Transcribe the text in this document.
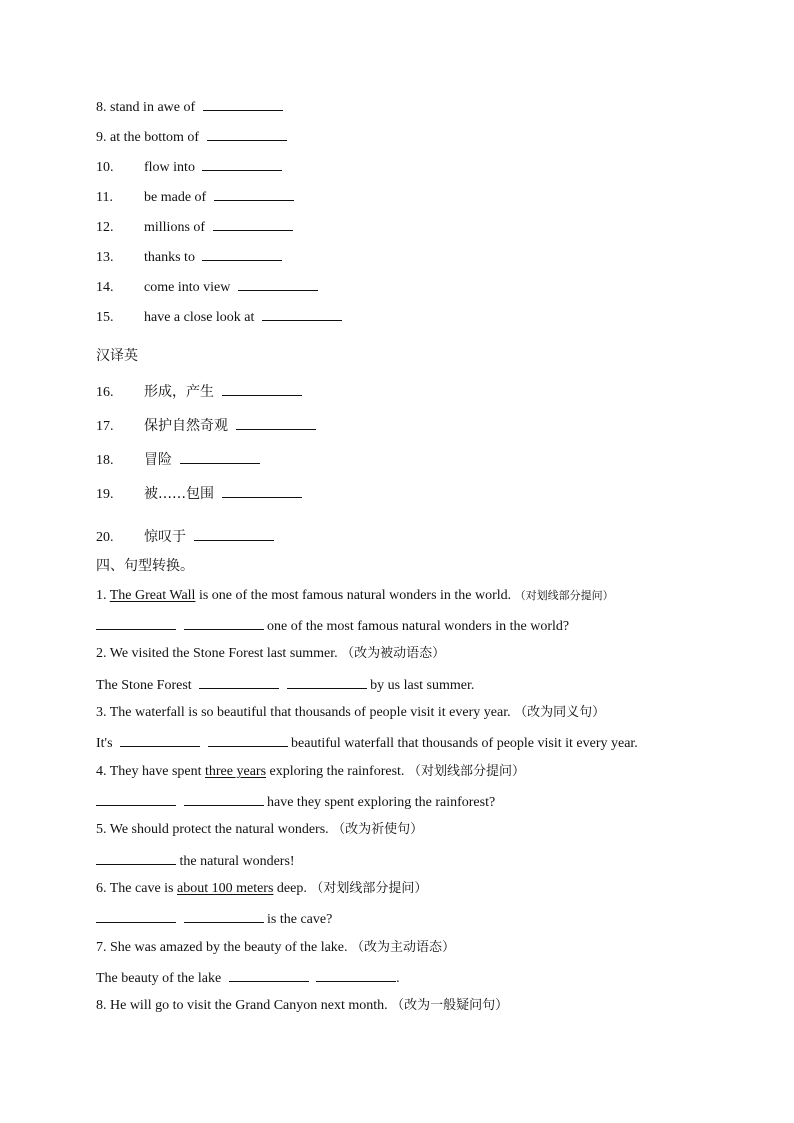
8. stand in awe of
9. at the bottom of
10. flow into
11. be made of
12. millions of
13. thanks to
14. come into view
15. have a close look at
汉译英
16. 形成，产生
17. 保护自然奇观
18. 冒险
19. 被……包围
20. 惊叹于
四、句型转换。
1. The Great Wall is one of the most famous natural wonders in the world. （对划线部分提问）
one of the most famous natural wonders in the world?
2. We visited the Stone Forest last summer. （改为被动语态）
The Stone Forest	by us last summer.
3. The waterfall is so beautiful that thousands of people visit it every year. （改为同义句）
It's	beautiful waterfall that thousands of people visit it every year.
4. They have spent three years exploring the rainforest. （对划线部分提问）
have they spent exploring the rainforest?
5. We should protect the natural wonders. （改为祈使句）
the natural wonders!
6. The cave is about 100 meters deep. （对划线部分提问）
is the cave?
7. She was amazed by the beauty of the lake. （改为主动语态）
The beauty of the lake	.
8. He will go to visit the Grand Canyon next month. （改为一般疑问句）
